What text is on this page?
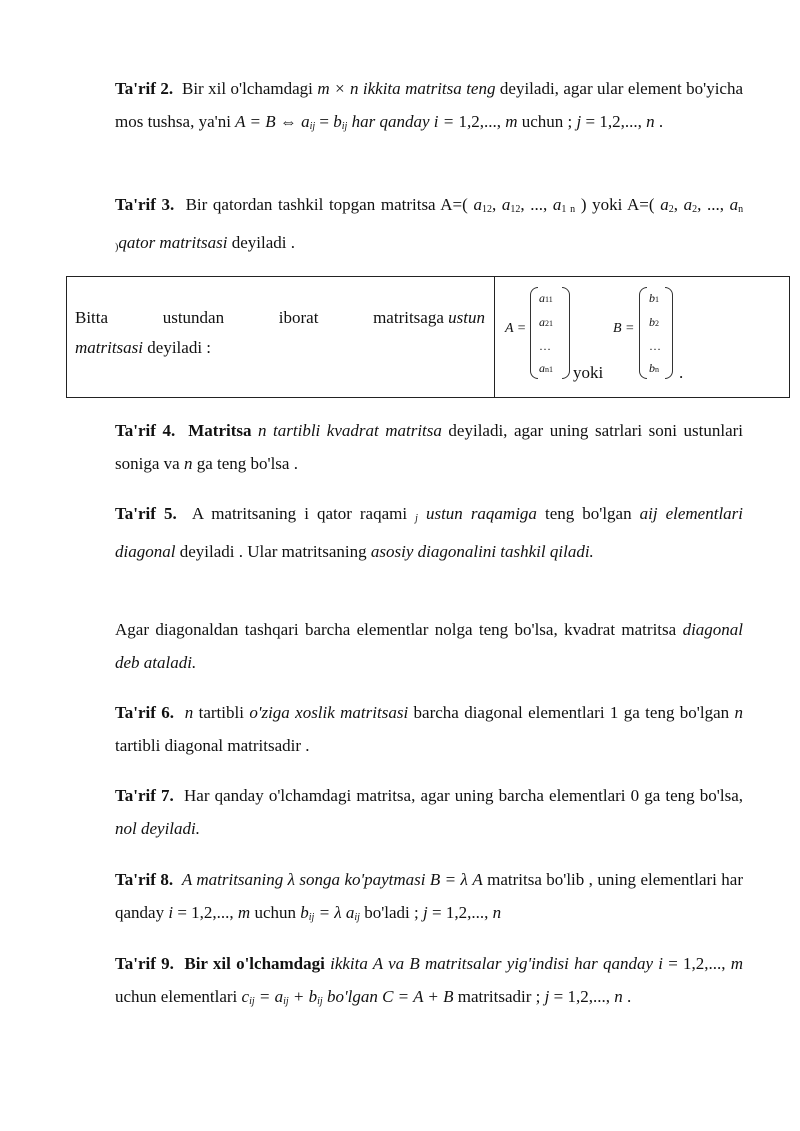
Ta'rif 2. Bir xil o'lchamdagi m × n ikkita matritsa teng deyiladi, agar ular element bo'yicha mos tushsa, ya'ni A = B ⇔ $a_{ij} = b_{ij}$ har qanday i = 1,2,..., m uchun ; j = 1,2,..., n .

Ta'rif 3. Bir qatordan tashkil topgan matritsa A=( a12, a12, ..., a1 n ) yoki A=( a2, a2, ..., an )qator matritsasi deyiladi .

Bitta	ustundan	iborat	matritsaga ustun
matritsasi deyiladi :
A =
a11
a21
…
an1 yoki
B =
b1
b2
…
bn .

Ta'rif 4. Matritsa n tartibli kvadrat matritsa deyiladi, agar uning satrlari soni ustunlari soniga va n ga teng bo'lsa .

Ta'rif 5. A matritsaning i qator raqami $_j$ ustun raqamiga teng bo'lgan aij elementlari diagonal deyiladi . Ular matritsaning asosiy diagonalini tashkil qiladi.

Agar diagonaldan tashqari barcha elementlar nolga teng bo'lsa, kvadrat matritsa diagonal deb ataladi.

Ta'rif 6. n tartibli o'ziga xoslik matritsasi barcha diagonal elementlari 1 ga teng bo'lgan n tartibli diagonal matritsadir .

Ta'rif 7. Har qanday o'lchamdagi matritsa, agar uning barcha elementlari 0 ga teng bo'lsa, nol deyiladi.

Ta'rif 8. A matritsaning λ songa ko'paytmasi B = λ A matritsa bo'lib , uning elementlari har qanday i = 1,2,..., m uchun $b_{ij} = \lambda$ $a_{ij}$ bo'ladi ; j = 1,2,..., n

Ta'rif 9. Bir xil o'lchamdagi ikkita A va B matritsalar yig'indisi har qanday i = 1,2,..., m uchun elementlari $c_{ij} = a_{ij} + b_{ij}$ bo'lgan C = A + B matritsadir ; j = 1,2,..., n .
